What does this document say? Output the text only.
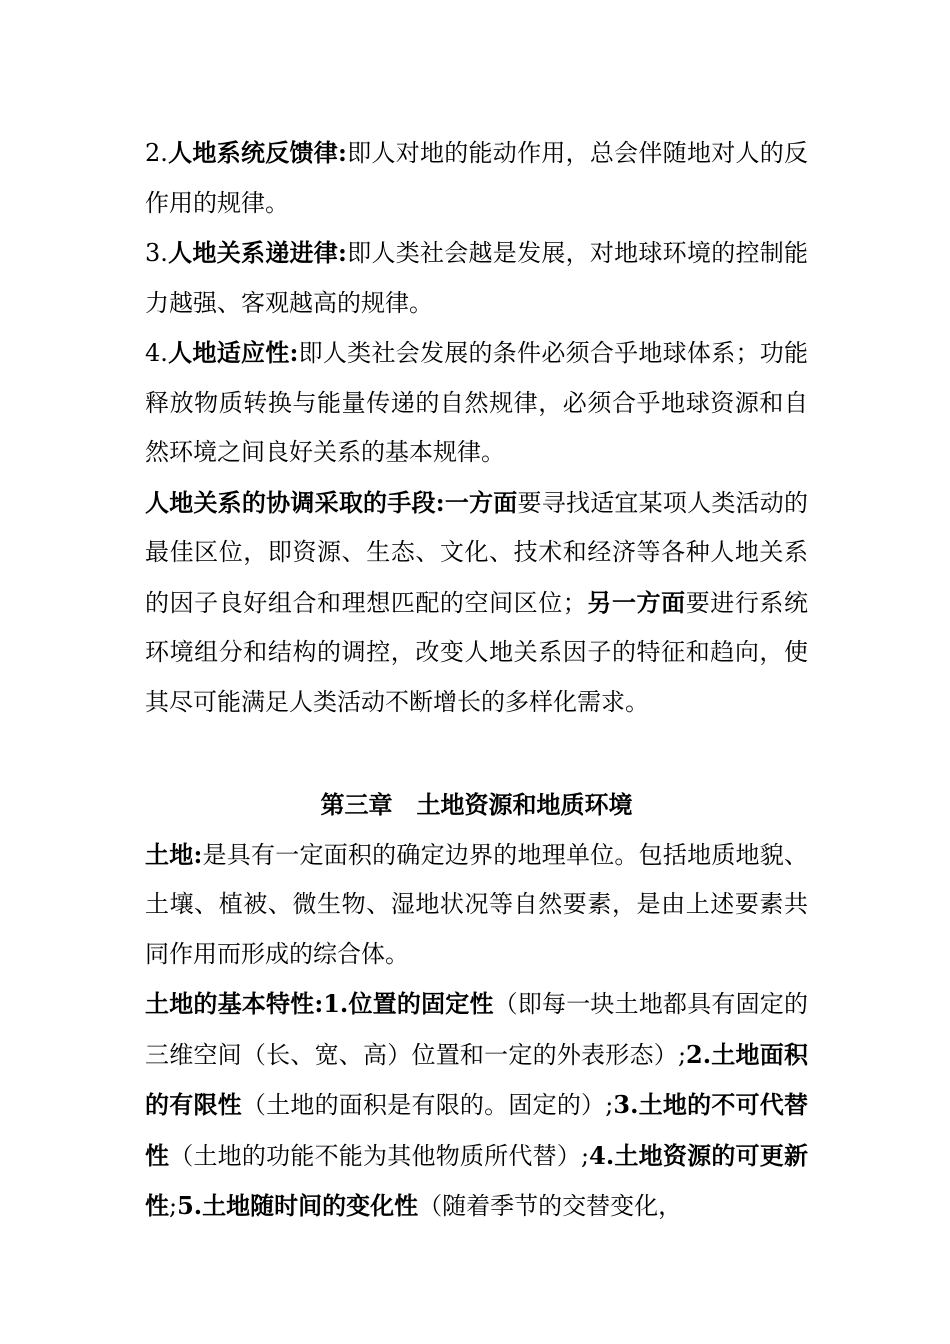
2.人地系统反馈律:即人对地的能动作用，总会伴随地对人的反作用的规律。

3.人地关系递进律:即人类社会越是发展，对地球环境的控制能力越强、客观越高的规律。

4.人地适应性:即人类社会发展的条件必须合乎地球体系；功能释放物质转换与能量传递的自然规律，必须合乎地球资源和自然环境之间良好关系的基本规律。

人地关系的协调采取的手段:一方面要寻找适宜某项人类活动的最佳区位，即资源、生态、文化、技术和经济等各种人地关系的因子良好组合和理想匹配的空间区位；另一方面要进行系统环境组分和结构的调控，改变人地关系因子的特征和趋向，使其尽可能满足人类活动不断增长的多样化需求。

第三章　土地资源和地质环境

土地:是具有一定面积的确定边界的地理单位。包括地质地貌、土壤、植被、微生物、湿地状况等自然要素，是由上述要素共同作用而形成的综合体。

土地的基本特性:1.位置的固定性（即每一块土地都具有固定的三维空间（长、宽、高）位置和一定的外表形态）;2.土地面积的有限性（土地的面积是有限的。固定的）;3.土地的不可代替性（土地的功能不能为其他物质所代替）;4.土地资源的可更新性;5.土地随时间的变化性（随着季节的交替变化，
